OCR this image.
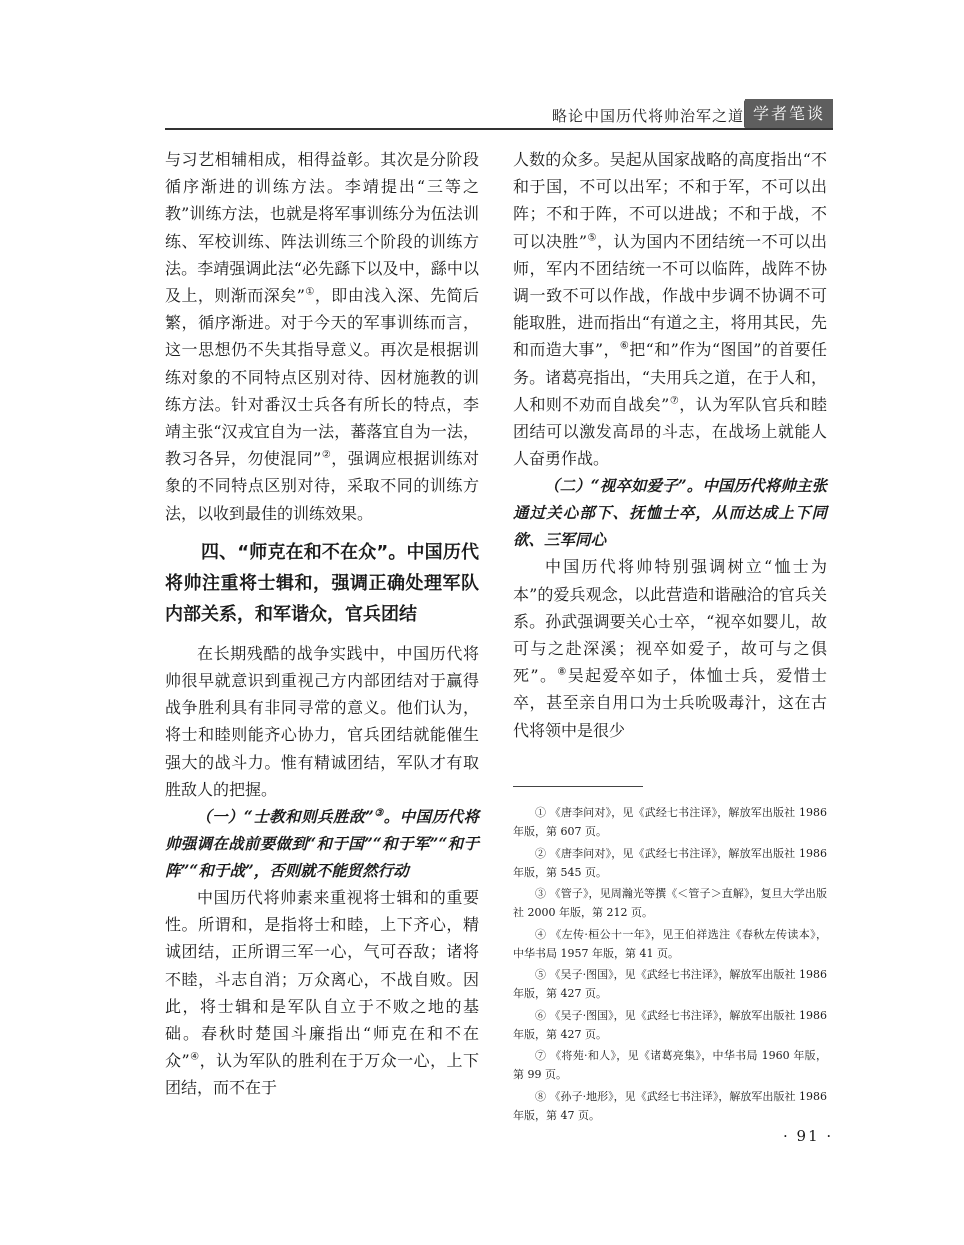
略论中国历代将帅治军之道 学者笔谈

与习艺相辅相成，相得益彰。其次是分阶段循序渐进的训练方法。李靖提出“三等之教”训练方法，也就是将军事训练分为伍法训练、军校训练、阵法训练三个阶段的训练方法。李靖强调此法“必先繇下以及中，繇中以及上，则渐而深矣”①，即由浅入深、先简后繁，循序渐进。对于今天的军事训练而言，这一思想仍不失其指导意义。再次是根据训练对象的不同特点区别对待、因材施教的训练方法。针对番汉士兵各有所长的特点，李靖主张“汉戎宜自为一法，蕃落宜自为一法，教习各异，勿使混同”②，强调应根据训练对象的不同特点区别对待，采取不同的训练方法，以收到最佳的训练效果。

四、“师克在和不在众”。中国历代将帅注重将士辑和，强调正确处理军队内部关系，和军谐众，官兵团结

在长期残酷的战争实践中，中国历代将帅很早就意识到重视己方内部团结对于赢得战争胜利具有非同寻常的意义。他们认为，将士和睦则能齐心协力，官兵团结就能催生强大的战斗力。惟有精诚团结，军队才有取胜敌人的把握。

（一）“士教和则兵胜敌”③。中国历代将帅强调在战前要做到“和于国”“和于军”“和于阵”“和于战”，否则就不能贸然行动

中国历代将帅素来重视将士辑和的重要性。所谓和，是指将士和睦，上下齐心，精诚团结，正所谓三军一心，气可吞敌；诸将不睦，斗志自消；万众离心，不战自败。因此，将士辑和是军队自立于不败之地的基础。春秋时楚国斗廉指出“师克在和不在众”④，认为军队的胜利在于万众一心，上下团结，而不在于

人数的众多。吴起从国家战略的高度指出“不和于国，不可以出军；不和于军，不可以出阵；不和于阵，不可以进战；不和于战，不可以决胜”⑤，认为国内不团结统一不可以出师，军内不团结统一不可以临阵，战阵不协调一致不可以作战，作战中步调不协调不可能取胜，进而指出“有道之主，将用其民，先和而造大事”，⑥把“和”作为“图国”的首要任务。诸葛亮指出，“夫用兵之道，在于人和，人和则不劝而自战矣”⑦，认为军队官兵和睦团结可以激发高昂的斗志，在战场上就能人人奋勇作战。

（二）“视卒如爱子”。中国历代将帅主张通过关心部下、抚恤士卒，从而达成上下同欲、三军同心

中国历代将帅特别强调树立“恤士为本”的爱兵观念，以此营造和谐融洽的官兵关系。孙武强调要关心士卒，“视卒如婴儿，故可与之赴深溪；视卒如爱子，故可与之俱死”。⑧吴起爱卒如子，体恤士兵，爱惜士卒，甚至亲自用口为士兵吮吸毒汁，这在古代将领中是很少

① 《唐李问对》，见《武经七书注译》，解放军出版社 1986 年版，第 607 页。

② 《唐李问对》，见《武经七书注译》，解放军出版社 1986 年版，第 545 页。

③ 《管子》，见周瀚光等撰《＜管子＞直解》，复旦大学出版社 2000 年版，第 212 页。

④ 《左传·桓公十一年》，见王伯祥选注《春秋左传读本》，中华书局 1957 年版，第 41 页。

⑤ 《吴子·图国》，见《武经七书注译》，解放军出版社 1986 年版，第 427 页。

⑥ 《吴子·图国》，见《武经七书注译》，解放军出版社 1986 年版，第 427 页。

⑦ 《将苑·和人》，见《诸葛亮集》，中华书局 1960 年版，第 99 页。

⑧ 《孙子·地形》，见《武经七书注译》，解放军出版社 1986 年版，第 47 页。

· 91 ·
